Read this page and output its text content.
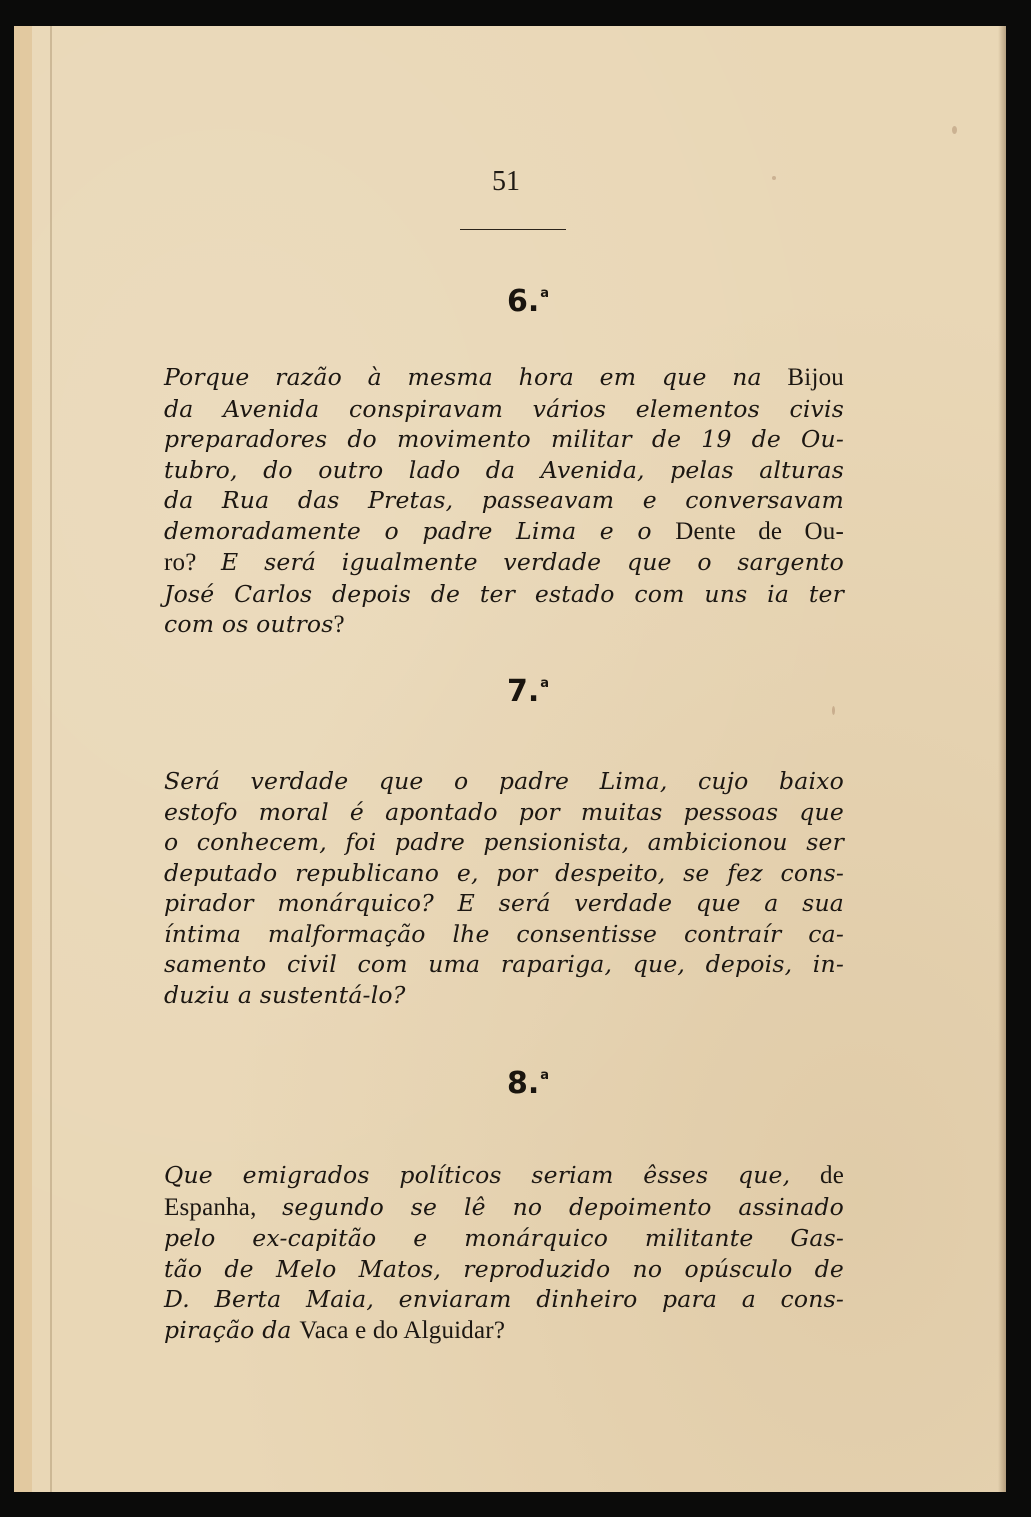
51
6.$^a$
Porque razão à mesma hora em que na Bijou
da Avenida conspiravam vários elementos civis
preparadores do movimento militar de 19 de Ou-
tubro, do outro lado da Avenida, pelas alturas
da Rua das Pretas, passeavam e conversavam
demoradamente o padre Lima e o Dente de Ou-
ro? E será igualmente verdade que o sargento
José Carlos depois de ter estado com uns ia ter
com os outros?
7.$^a$
Será verdade que o padre Lima, cujo baixo
estofo moral é apontado por muitas pessoas que
o conhecem, foi padre pensionista, ambicionou ser
deputado republicano e, por despeito, se fez cons-
pirador monárquico? E será verdade que a sua
íntima malformação lhe consentisse contraír ca-
samento civil com uma rapariga, que, depois, in-
duziu a sustentá-lo?
8.$^a$
Que emigrados políticos seriam êsses que, de
Espanha, segundo se lê no depoimento assinado
pelo ex-capitão e monárquico militante Gas-
tão de Melo Matos, reproduzido no opúsculo de
D. Berta Maia, enviaram dinheiro para a cons-
piração da Vaca e do Alguidar?
